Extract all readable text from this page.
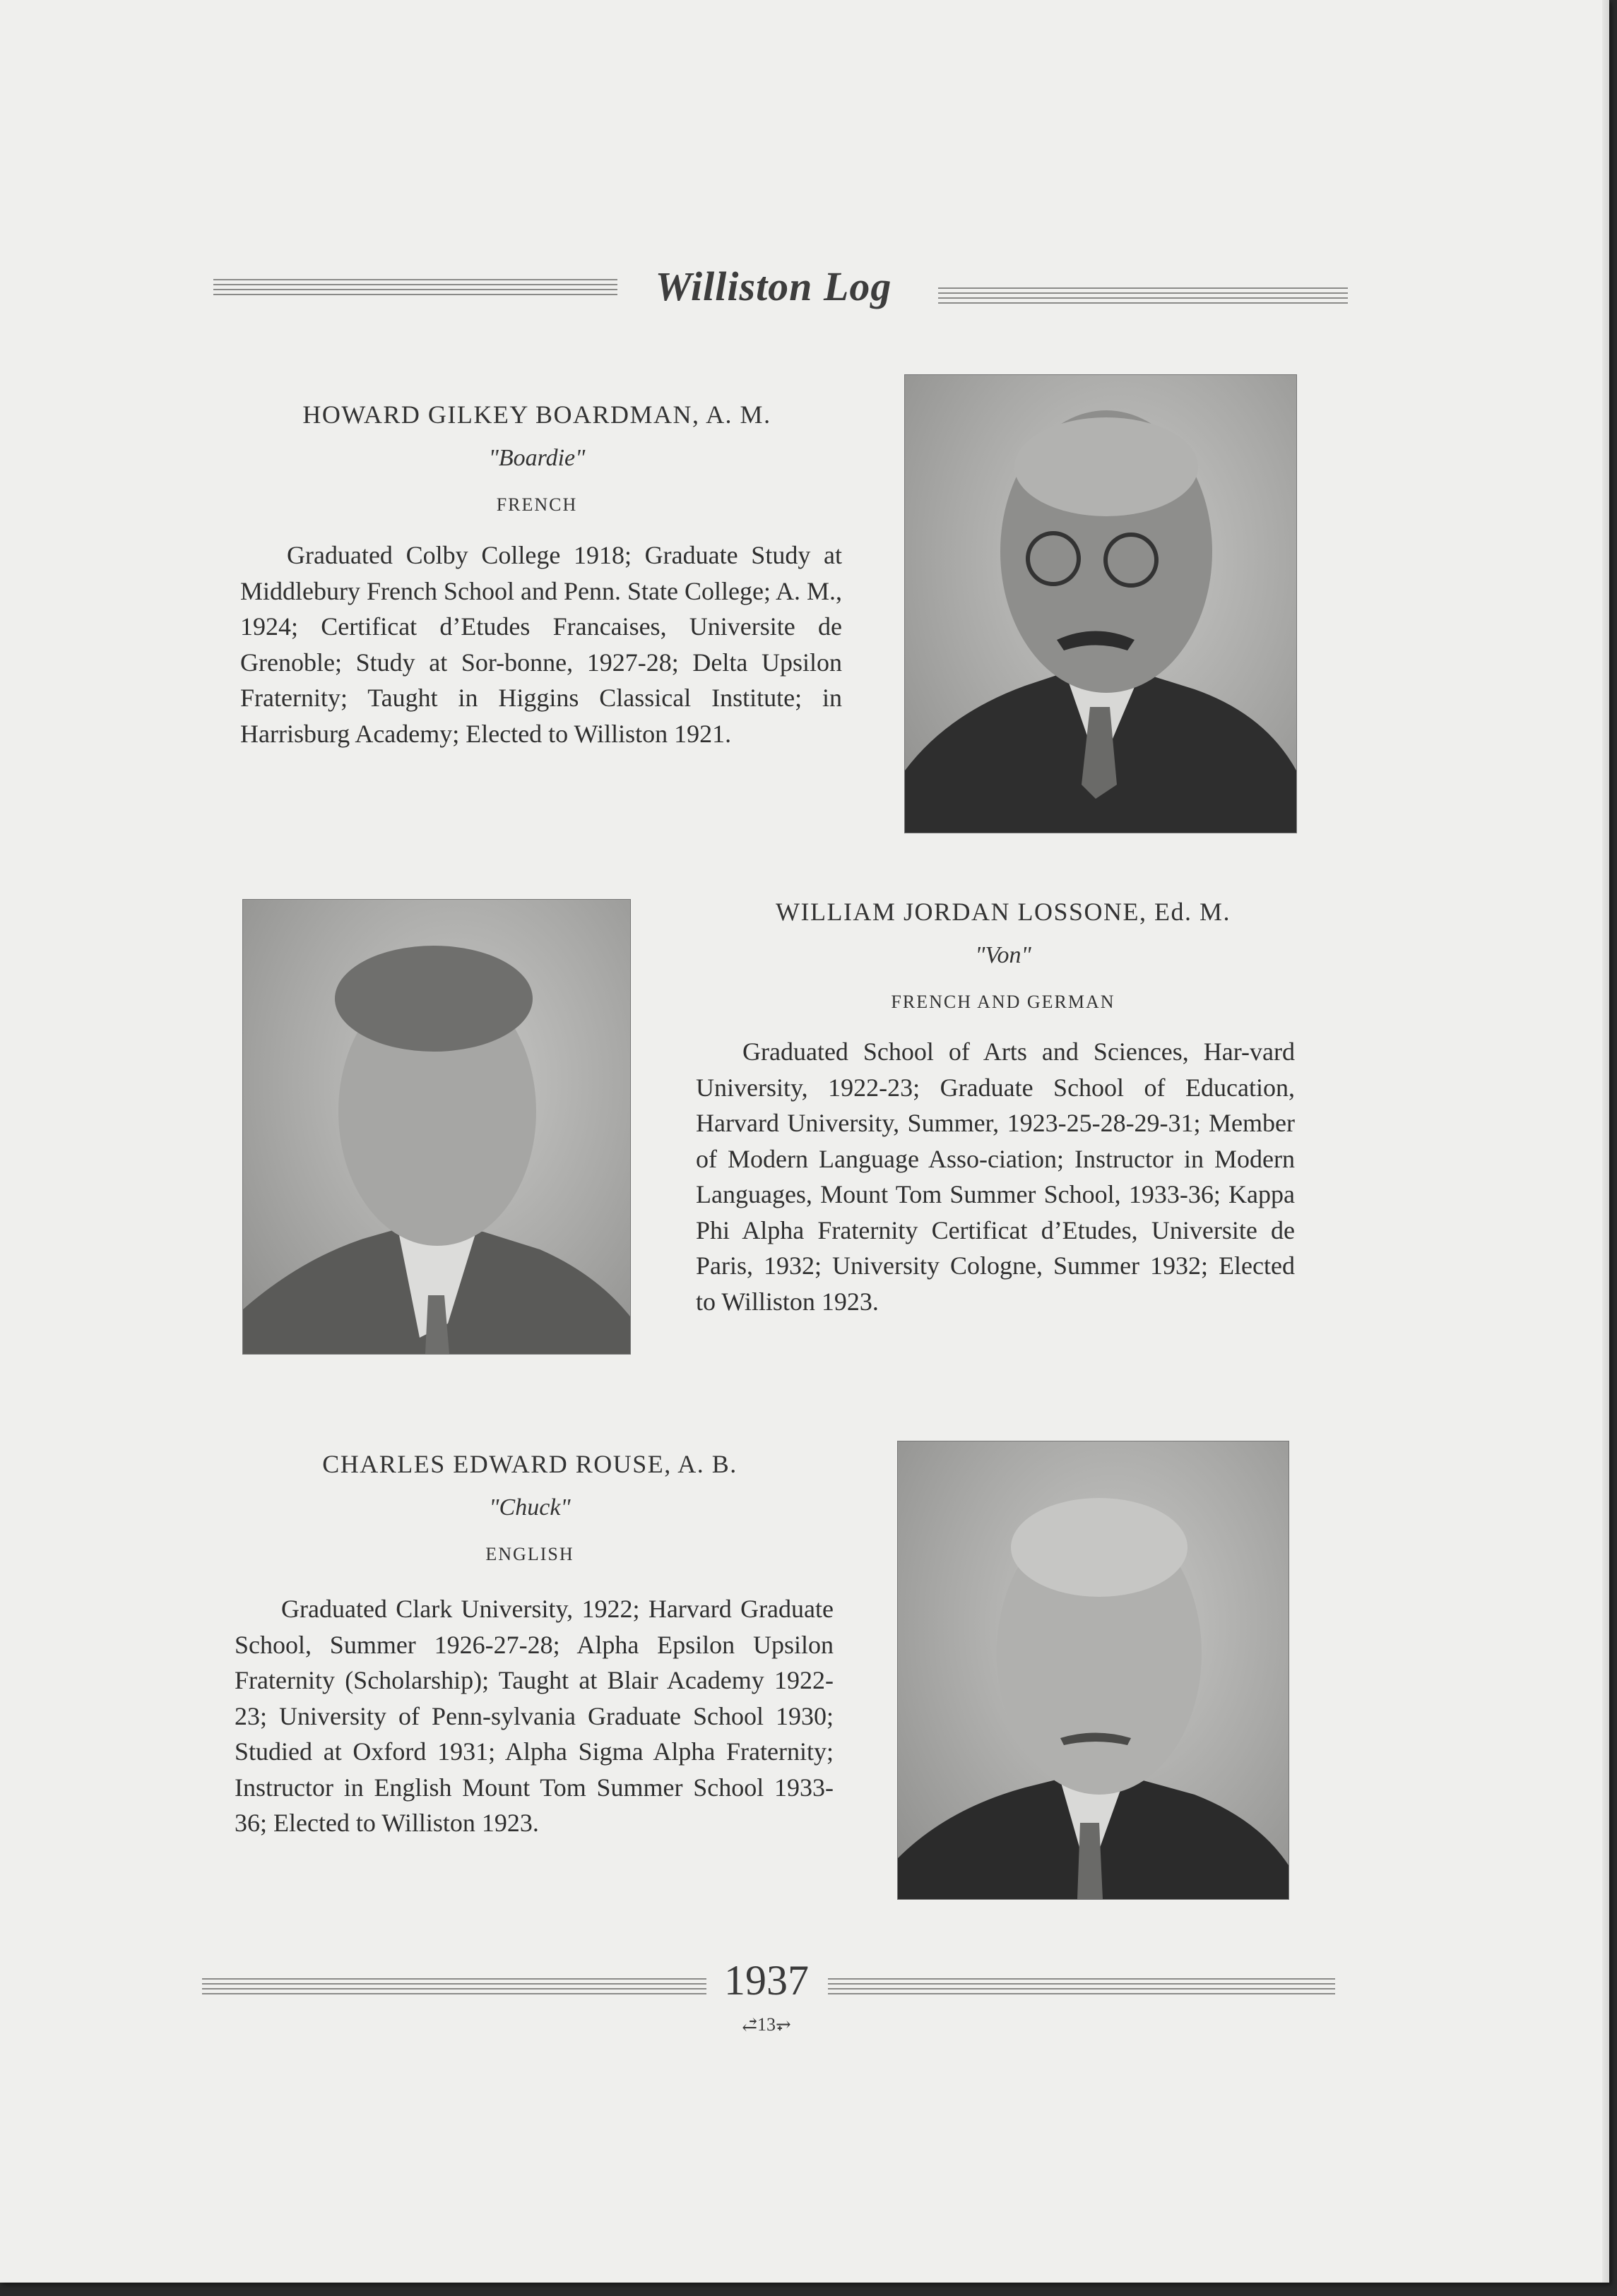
Williston Log
HOWARD GILKEY BOARDMAN, A. M.
"Boardie"
FRENCH
Graduated Colby College 1918; Graduate Study at Middlebury French School and Penn. State College; A. M., 1924; Certificat d’Etudes Francaises, Universite de Grenoble; Study at Sor-bonne, 1927-28; Delta Upsilon Fraternity; Taught in Higgins Classical Institute; in Harrisburg Academy; Elected to Williston 1921.
WILLIAM JORDAN LOSSONE, Ed. M.
"Von"
FRENCH AND GERMAN
Graduated School of Arts and Sciences, Har-vard University, 1922-23; Graduate School of Education, Harvard University, Summer, 1923-25-28-29-31; Member of Modern Language Asso-ciation; Instructor in Modern Languages, Mount Tom Summer School, 1933-36; Kappa Phi Alpha Fraternity Certificat d’Etudes, Universite de Paris, 1932; University Cologne, Summer 1932; Elected to Williston 1923.
CHARLES EDWARD ROUSE, A. B.
"Chuck"
ENGLISH
Graduated Clark University, 1922; Harvard Graduate School, Summer 1926-27-28; Alpha Epsilon Upsilon Fraternity (Scholarship); Taught at Blair Academy 1922-23; University of Penn-sylvania Graduate School 1930; Studied at Oxford 1931; Alpha Sigma Alpha Fraternity; Instructor in English Mount Tom Summer School 1933-36; Elected to Williston 1923.
1937
⥄13⥅
